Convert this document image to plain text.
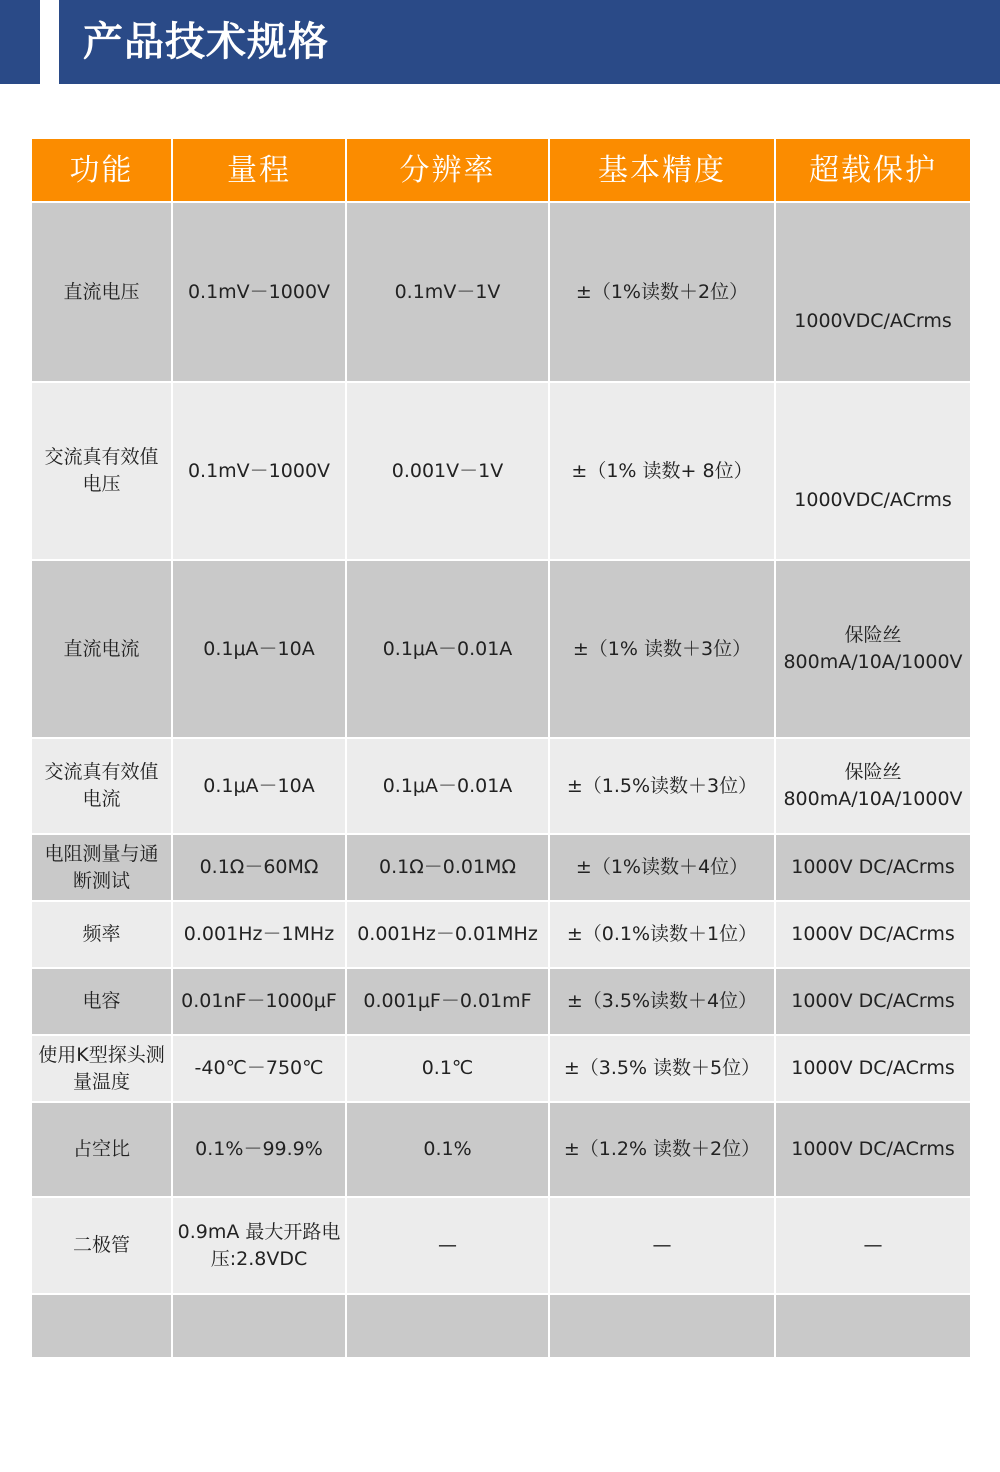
产品技术规格
功能	量程	分辨率	基本精度	超载保护
直流电压	0.1mV－1000V	0.1mV－1V	±（1%读数＋2位）	1000VDC/ACrms

交流真有效值电压	0.1mV－1000V	0.001V－1V	±（1% 读数+ 8位）	1000VDC/ACrms

直流电流	0.1μA－10A	0.1μA－0.01A	±（1% 读数＋3位）	保险丝800mA/10A/1000V
交流真有效值电流	0.1μA－10A	0.1μA－0.01A	±（1.5%读数＋3位）	保险丝800mA/10A/1000V
电阻测量与通断测试	0.1Ω－60MΩ	0.1Ω－0.01MΩ	±（1%读数＋4位）	1000V DC/ACrms
频率	0.001Hz－1MHz	0.001Hz－0.01MHz	±（0.1%读数＋1位）	1000V DC/ACrms
电容	0.01nF－1000μF	0.001μF－0.01mF	±（3.5%读数＋4位）	1000V DC/ACrms
使用K型探头测量温度	-40℃－750℃	0.1℃	±（3.5% 读数＋5位）	1000V DC/ACrms
占空比	0.1%－99.9%	0.1%	±（1.2% 读数＋2位）	1000V DC/ACrms
二极管	0.9mA 最大开路电压:2.8VDC	—	—	—
